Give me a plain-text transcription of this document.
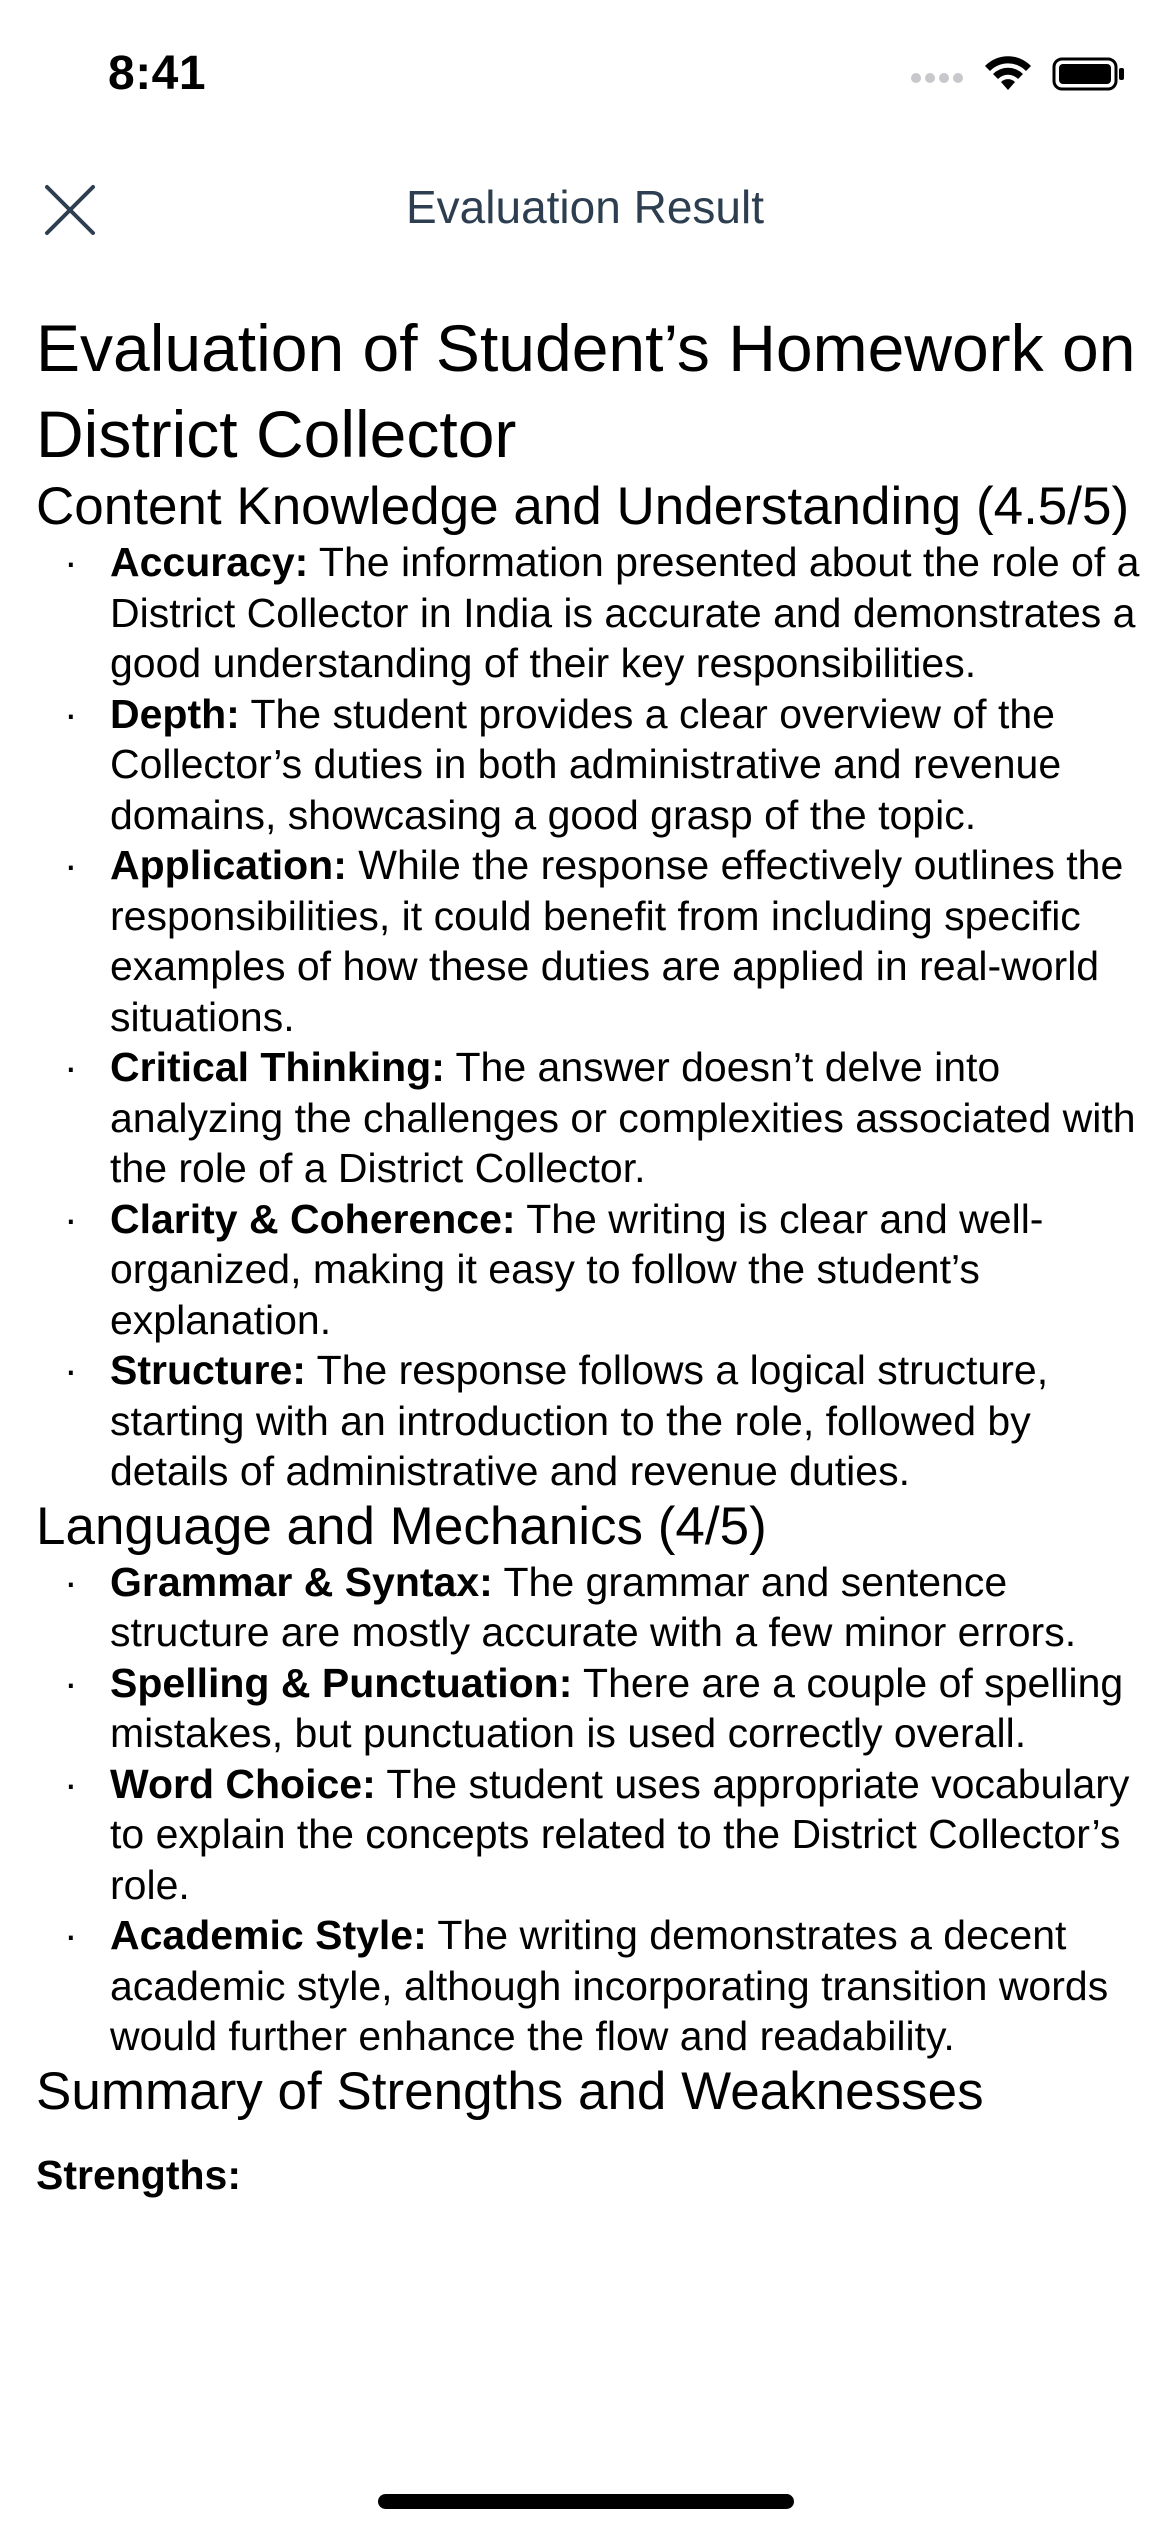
8:41
Evaluation Result
Evaluation of Student’s Homework on District Collector
Content Knowledge and Understanding (4.5/5)
· Accuracy: The information presented about the role of a District Collector in India is accurate and demonstrates a good understanding of their key responsibilities.
· Depth: The student provides a clear overview of the Collector’s duties in both administrative and revenue domains, showcasing a good grasp of the topic.
· Application: While the response effectively outlines the responsibilities, it could benefit from including specific examples of how these duties are applied in real-world situations.
· Critical Thinking: The answer doesn’t delve into analyzing the challenges or complexities associated with the role of a District Collector.
· Clarity & Coherence: The writing is clear and well-organized, making it easy to follow the student’s explanation.
· Structure: The response follows a logical structure, starting with an introduction to the role, followed by details of administrative and revenue duties.
Language and Mechanics (4/5)
· Grammar & Syntax: The grammar and sentence structure are mostly accurate with a few minor errors.
· Spelling & Punctuation: There are a couple of spelling mistakes, but punctuation is used correctly overall.
· Word Choice: The student uses appropriate vocabulary to explain the concepts related to the District Collector’s role.
· Academic Style: The writing demonstrates a decent academic style, although incorporating transition words would further enhance the flow and readability.
Summary of Strengths and Weaknesses
Strengths:
